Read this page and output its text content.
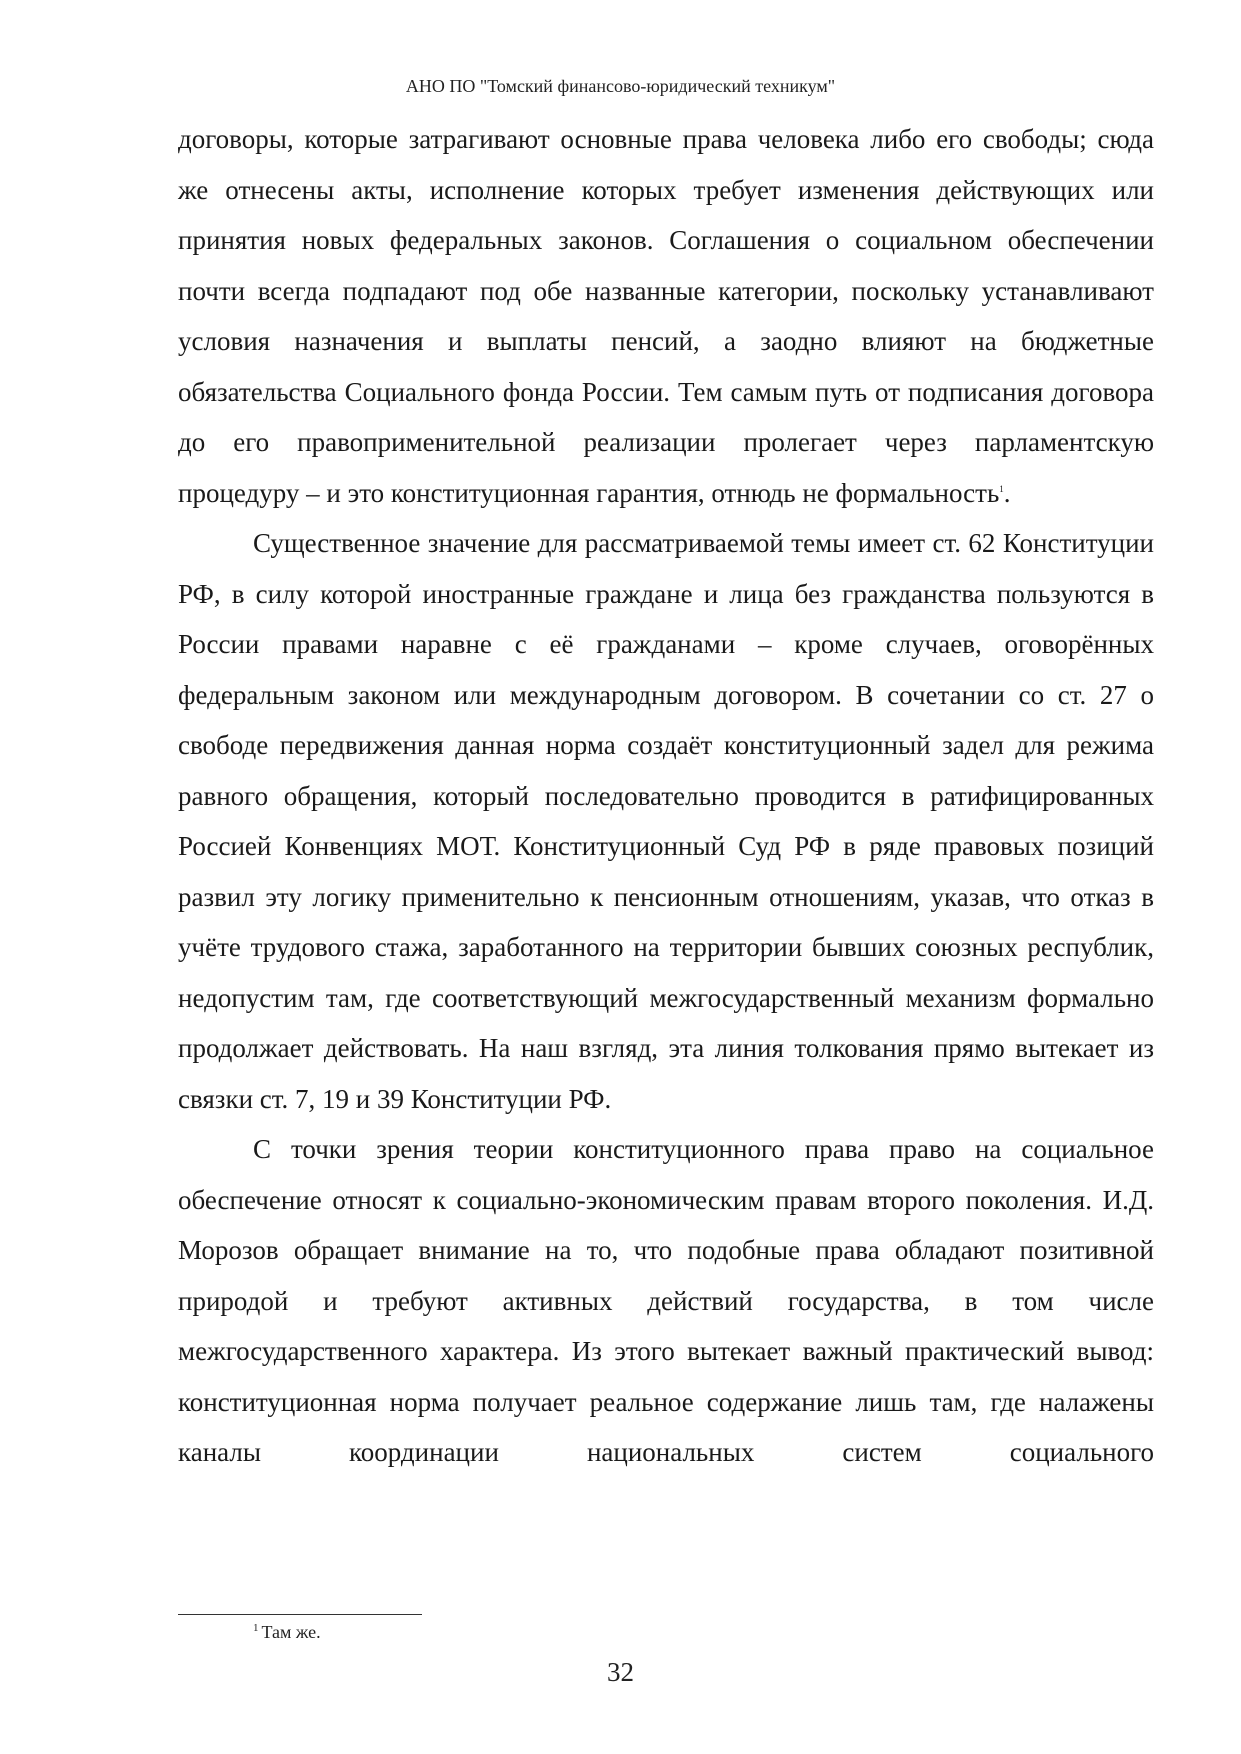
АНО ПО "Томский финансово-юридический техникум"

договоры, которые затрагивают основные права человека либо его свободы; сюда же отнесены акты, исполнение которых требует изменения действующих или принятия новых федеральных законов. Соглашения о социальном обеспечении почти всегда подпадают под обе названные категории, поскольку устанавливают условия назначения и выплаты пенсий, а заодно влияют на бюджетные обязательства Социального фонда России. Тем самым путь от подписания договора до его правоприменительной реализации пролегает через парламентскую процедуру – и это конституционная гарантия, отнюдь не формальность$^1$.

Существенное значение для рассматриваемой темы имеет ст. 62 Конституции РФ, в силу которой иностранные граждане и лица без гражданства пользуются в России правами наравне с её гражданами – кроме случаев, оговорённых федеральным законом или международным договором. В сочетании со ст. 27 о свободе передвижения данная норма создаёт конституционный задел для режима равного обращения, который последовательно проводится в ратифицированных Россией Конвенциях МОТ. Конституционный Суд РФ в ряде правовых позиций развил эту логику применительно к пенсионным отношениям, указав, что отказ в учёте трудового стажа, заработанного на территории бывших союзных республик, недопустим там, где соответствующий межгосударственный механизм формально продолжает действовать. На наш взгляд, эта линия толкования прямо вытекает из связки ст. 7, 19 и 39 Конституции РФ.

С точки зрения теории конституционного права право на социальное обеспечение относят к социально-экономическим правам второго поколения. И.Д. Морозов обращает внимание на то, что подобные права обладают позитивной природой и требуют активных действий государства, в том числе межгосударственного характера. Из этого вытекает важный практический вывод: конституционная норма получает реальное содержание лишь там, где налажены каналы координации национальных систем социального

$^1$ Там же.
32
